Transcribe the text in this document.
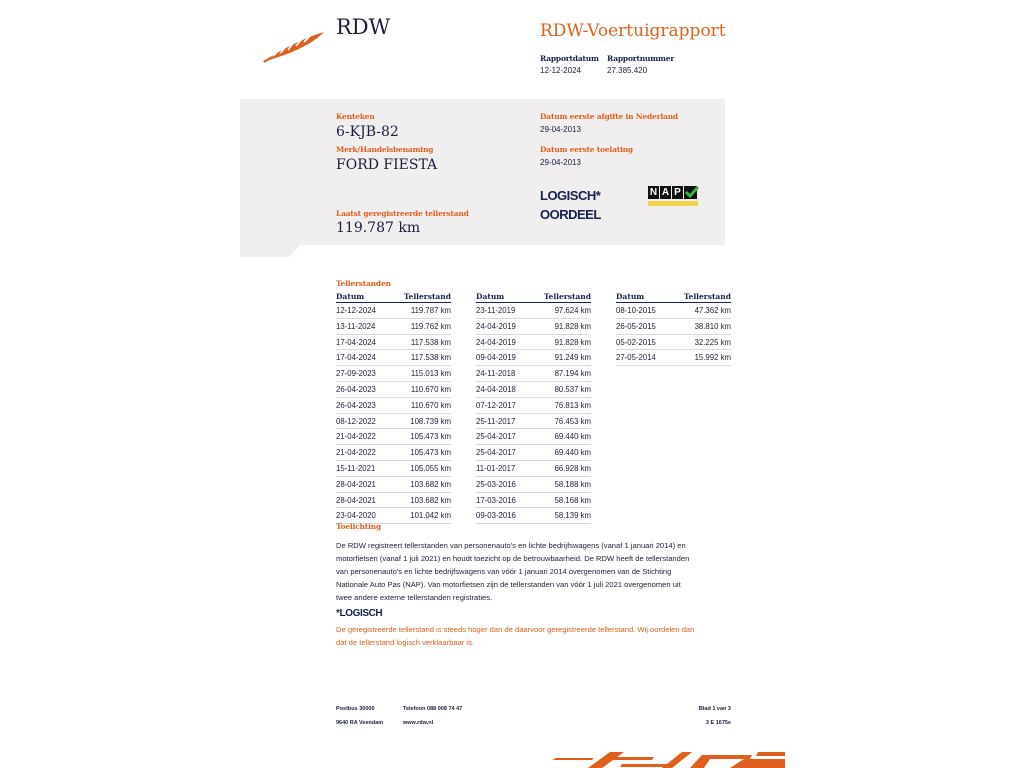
RDW	RDW-Voertuigrapport
Rapportdatum
12-12-2024
Rapportnummer
27.385.420
Kenteken
6-KJB-82
Merk/Handelsbenaming
FORD FIESTA
Laatst geregistreerde tellerstand
119.787 km
Datum eerste afgifte in Nederland
29-04-2013
Datum eerste toelating
29-04-2013
LOGISCH*
OORDEEL
N A P
Tellerstanden
Datum	Tellerstand
12-12-2024	119.787 km
13-11-2024	119.762 km
17-04-2024	117.538 km
17-04-2024	117.538 km
27-09-2023	115.013 km
26-04-2023	110.670 km
26-04-2023	110.670 km
08-12-2022	108.739 km
21-04-2022	105.473 km
21-04-2022	105.473 km
15-11-2021	105.055 km
28-04-2021	103.682 km
28-04-2021	103.682 km
23-04-2020	101.042 km
Datum	Tellerstand
23-11-2019	97.624 km
24-04-2019	91.828 km
24-04-2019	91.828 km
09-04-2019	91.249 km
24-11-2018	87.194 km
24-04-2018	80.537 km
07-12-2017	76.813 km
25-11-2017	76.453 km
25-04-2017	69.440 km
25-04-2017	69.440 km
11-01-2017	66.928 km
25-03-2016	58.188 km
17-03-2016	58.168 km
09-03-2016	58.139 km
Datum	Tellerstand
08-10-2015	47.362 km
26-05-2015	38.810 km
05-02-2015	32.225 km
27-05-2014	15.992 km
Toelichting
De RDW registreert tellerstanden van personenauto's en lichte bedrijfswagens (vanaf 1 januari 2014) en
motorfietsen (vanaf 1 juli 2021) en houdt toezicht op de betrouwbaarheid. De RDW heeft de tellerstanden
van personenauto's en lichte bedrijfswagens van vóór 1 januari 2014 overgenomen van de Stichting
Nationale Auto Pas (NAP). Van motorfietsen zijn de tellerstanden van vóór 1 juli 2021 overgenomen uit
twee andere externe tellerstanden registraties.
*LOGISCH
De geregistreerde tellerstand is steeds hoger dan de daarvoor geregistreerde tellerstand. Wij oordelen dan
dat de tellerstand logisch verklaarbaar is.
Postbus 30000
9640 RA Veendam
Telefoon 088 008 74 47
www.rdw.nl
Blad 1 van 3
3 E 1675e
